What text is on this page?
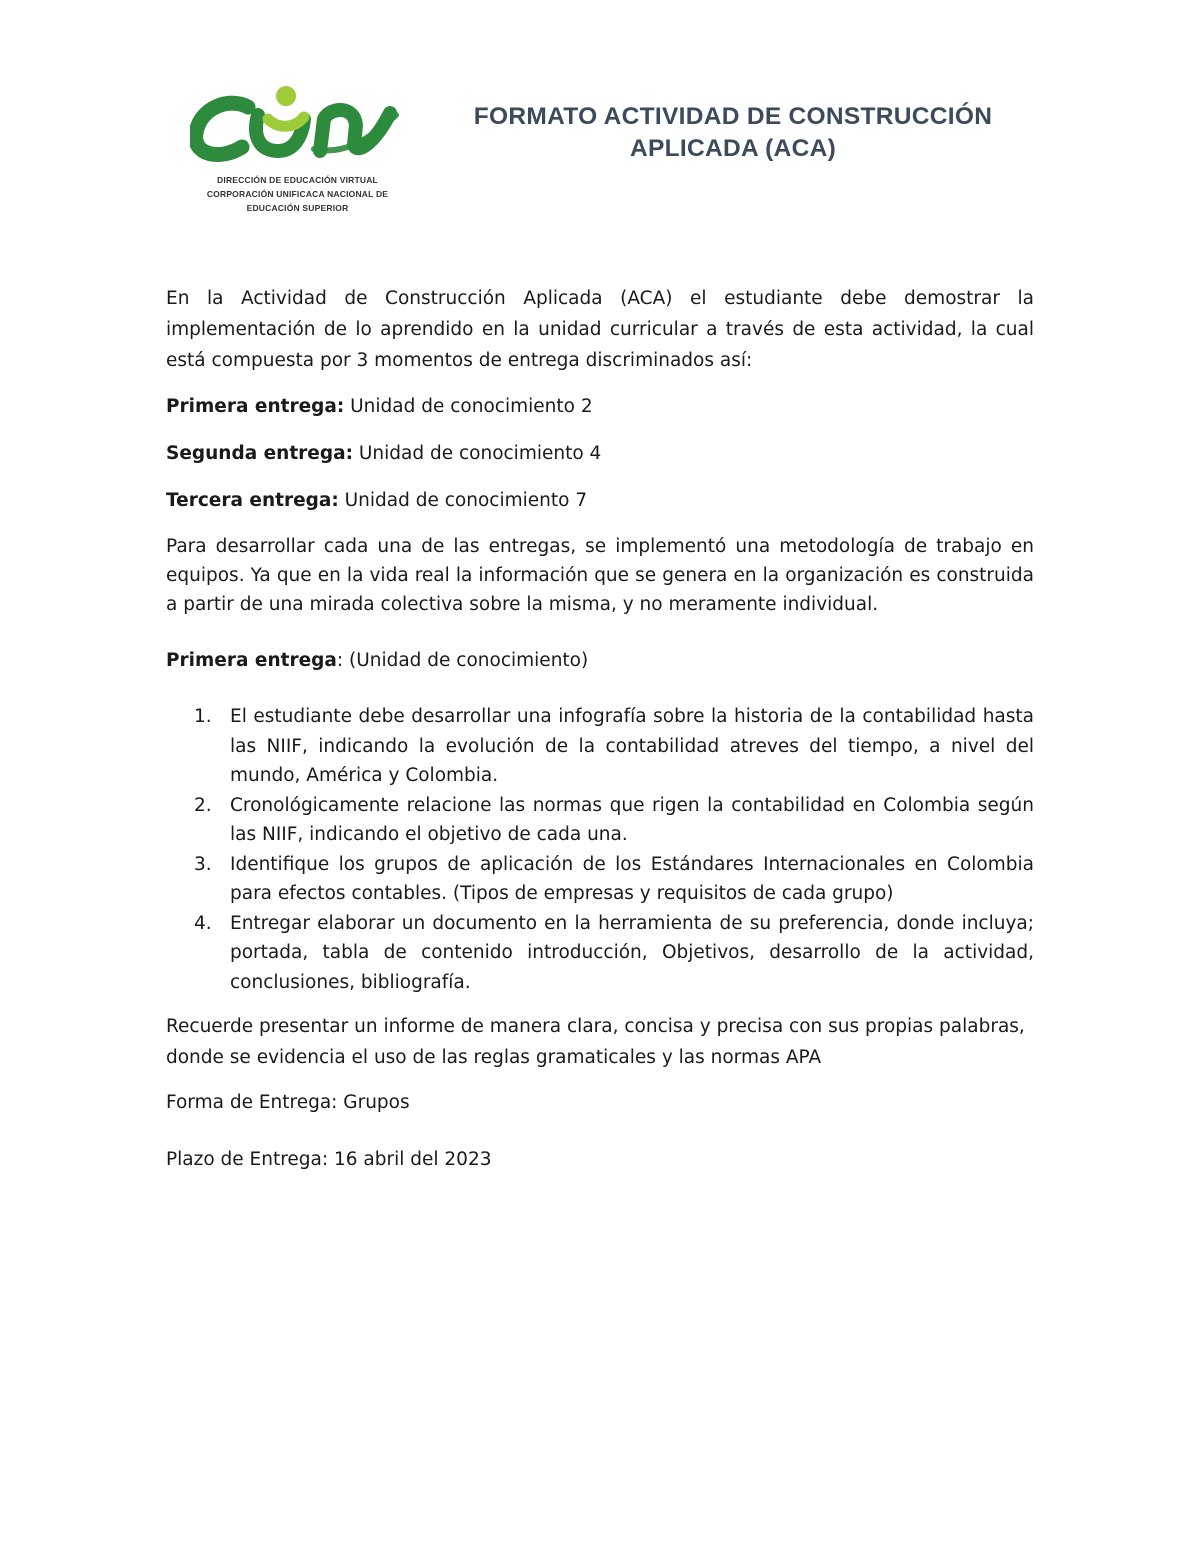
DIRECCIÓN DE EDUCACIÓN VIRTUAL
CORPORACIÓN UNIFICACA NACIONAL DE
EDUCACIÓN SUPERIOR
FORMATO ACTIVIDAD DE CONSTRUCCIÓN
APLICADA (ACA)

En la Actividad de Construcción Aplicada (ACA) el estudiante debe demostrar la implementación de lo aprendido en la unidad curricular a través de esta actividad, la cual está compuesta por 3 momentos de entrega discriminados así:

Primera entrega: Unidad de conocimiento 2

Segunda entrega: Unidad de conocimiento 4

Tercera entrega: Unidad de conocimiento 7

Para desarrollar cada una de las entregas, se implementó una metodología de trabajo en equipos. Ya que en la vida real la información que se genera en la organización es construida a partir de una mirada colectiva sobre la misma, y no meramente individual.

Primera entrega: (Unidad de conocimiento)

1. El estudiante debe desarrollar una infografía sobre la historia de la contabilidad hasta las NIIF, indicando la evolución de la contabilidad atreves del tiempo, a nivel del mundo, América y Colombia.
2. Cronológicamente relacione las normas que rigen la contabilidad en Colombia según las NIIF, indicando el objetivo de cada una.
3. Identifique los grupos de aplicación de los Estándares Internacionales en Colombia para efectos contables. (Tipos de empresas y requisitos de cada grupo)
4. Entregar elaborar un documento en la herramienta de su preferencia, donde incluya; portada, tabla de contenido introducción, Objetivos, desarrollo de la actividad, conclusiones, bibliografía.

Recuerde presentar un informe de manera clara, concisa y precisa con sus propias palabras, donde se evidencia el uso de las reglas gramaticales y las normas APA

Forma de Entrega: Grupos

Plazo de Entrega: 16 abril del 2023
